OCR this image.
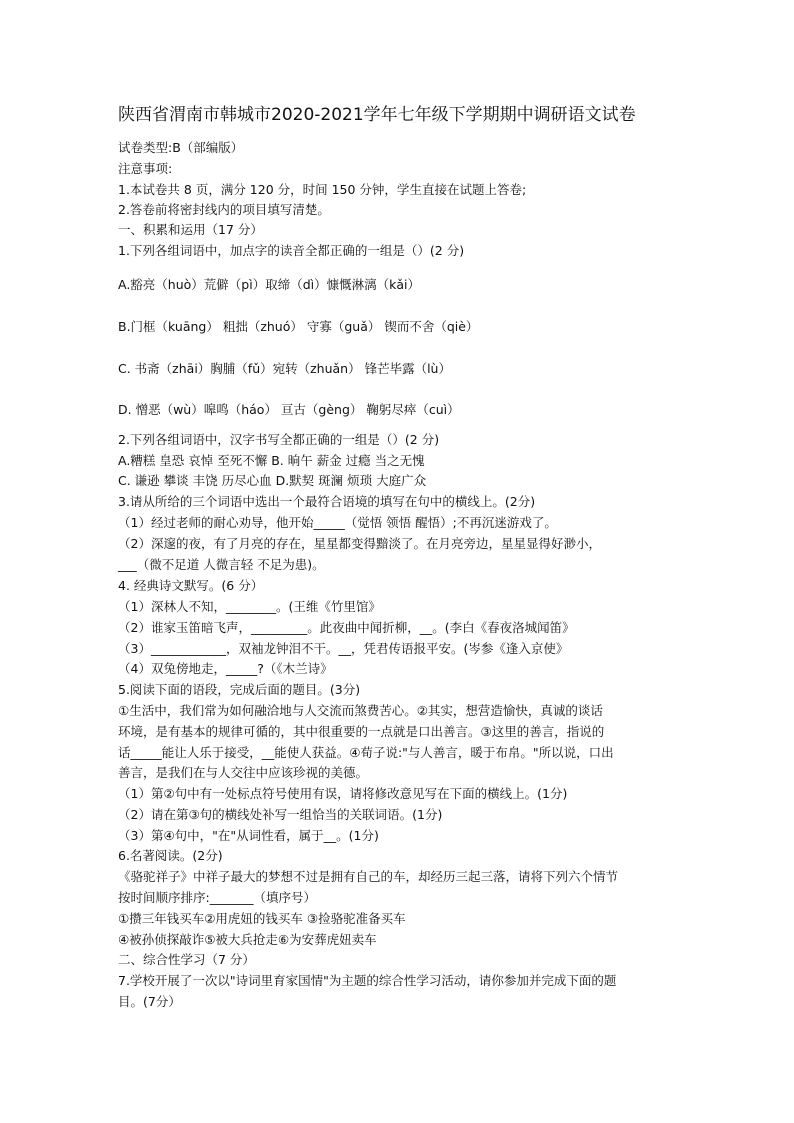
陕西省渭南市韩城市2020-2021学年七年级下学期期中调研语文试卷
试卷类型:B（部编版）
注意事项:
1.本试卷共 8 页，满分 120 分，时间 150 分钟，学生直接在试题上答卷;
2.答卷前将密封线内的项目填写清楚。
一、积累和运用（17 分）
1.下列各组词语中，加点字的读音全都正确的一组是（）(2 分)
A.豁亮（huò）荒僻（pì）取缔（dì）慷慨淋漓（kǎi）
B.门框（kuāng） 粗拙（zhuó） 守寡（guǎ） 锲而不舍（qiè）
C. 书斋（zhāi）胸脯（fǔ）宛转（zhuǎn） 锋芒毕露（lù）
D. 憎恶（wù）嗥鸣（háo） 亘古（gèng） 鞠躬尽瘁（cuì）
2.下列各组词语中，汉字书写全都正确的一组是（）(2 分)
A.糟糕 皇恐 哀悼 至死不懈 B. 晌午 薪金 过瘾 当之无愧
C. 谦逊 攀谈 丰饶 历尽心血 D.默契 斑澜 烦琐 大庭广众
3.请从所给的三个词语中选出一个最符合语境的填写在句中的横线上。(2分)
（1）经过老师的耐心劝导，他开始_____（觉悟 领悟 醒悟）;不再沉迷游戏了。
（2）深邃的夜，有了月亮的存在，星星都变得黯淡了。在月亮旁边，星星显得好渺小，
___（微不足道 人微言轻 不足为患)。
4. 经典诗文默写。(6 分）
（1）深林人不知，________。(王维《竹里馆》
（2）谁家玉笛暗飞声，_________。此夜曲中闻折柳，__。(李白《春夜洛城闻笛》
（3）____________，双袖龙钟泪不干。__，凭君传语报平安。(岑参《逢入京使》
（4）双兔傍地走，_____?（《木兰诗》
5.阅读下面的语段，完成后面的题目。(3分)
①生活中，我们常为如何融洽地与人交流而煞费苦心。②其实，想营造愉快，真诚的谈话
环境，是有基本的规律可循的，其中很重要的一点就是口出善言。③这里的善言，指说的
话_____能让人乐于接受，__能使人获益。④荀子说:"与人善言，暖于布帛。"所以说，口出
善言，是我们在与人交往中应该珍视的美德。
（1）第②句中有一处标点符号使用有误，请将修改意见写在下面的横线上。(1分)
（2）请在第③句的横线处补写一组恰当的关联词语。(1分)
（3）第④句中，"在"从词性看，属于__。(1分)
6.名著阅读。(2分)
《骆驼祥子》中祥子最大的梦想不过是拥有自己的车，却经历三起三落，请将下列六个情节
按时间顺序排序:_______（填序号）
①攒三年钱买车②用虎妞的钱买车 ③捡骆驼准备买车
④被孙侦探敲诈⑤被大兵抢走⑥为安葬虎妞卖车
二、综合性学习（7 分）
7.学校开展了一次以"诗词里育家国情"为主题的综合性学习活动，请你参加并完成下面的题
目。(7分）
